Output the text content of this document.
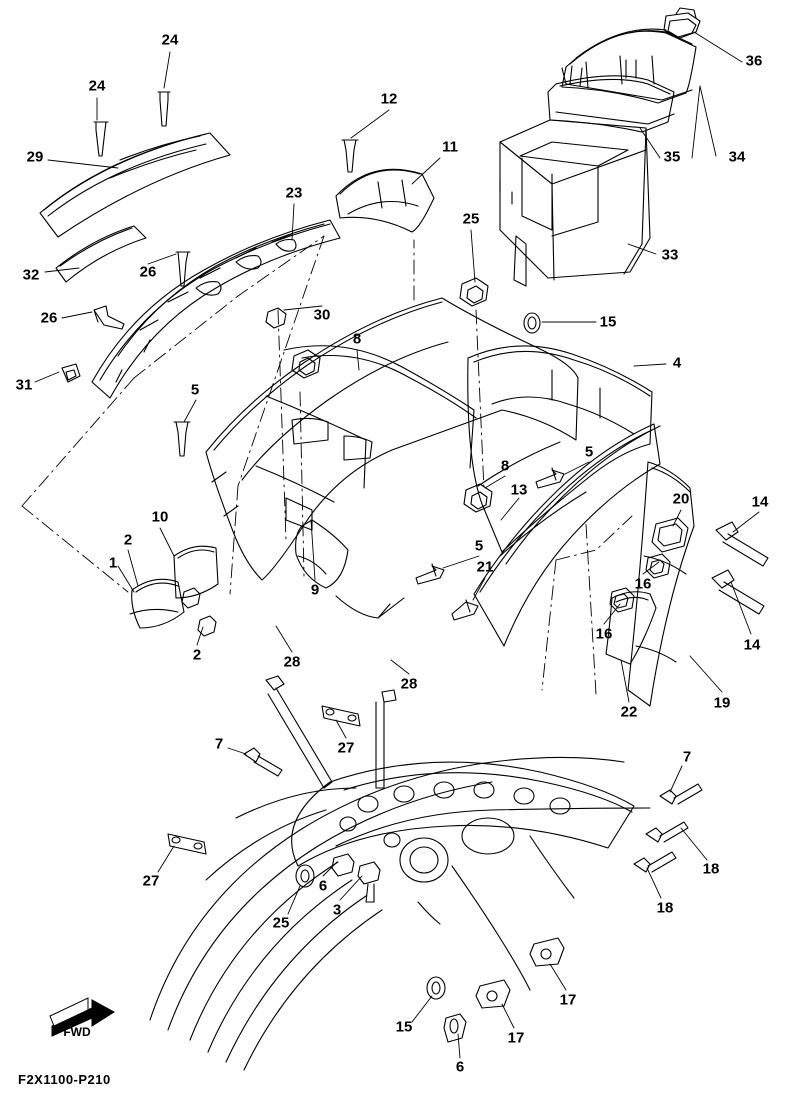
24
24
29
32	26
26
31
23
30
12
11
25
36
35	34
33
15
4
8
8
5
5
5
13
20	14
14
16
16
21
22
19
10
2
1
2
9
28
28
27
27
7
7
6
3
25
18
18
17
17
15
6
FWD
F2X1100-P210
